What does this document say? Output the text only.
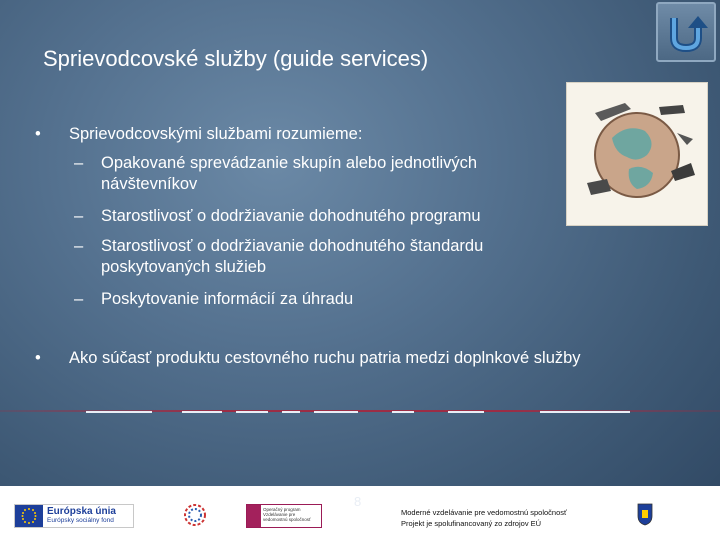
Sprievodcovské služby (guide services)
• Sprievodcovskými službami rozumieme:
– Opakované sprevádzanie skupín alebo jednotlivých návštevníkov
– Starostlivosť o dodržiavanie dohodnutého programu
– Starostlivosť o dodržiavanie dohodnutého štandardu poskytovaných služieb
– Poskytovanie informácií za úhradu
• Ako súčasť produktu cestovného ruchu patria medzi doplnkové služby
8
Európska únia
Európsky sociálny fond
Operačný program Vzdelávanie pre vedomostnú spoločnosť
Moderné vzdelávanie pre vedomostnú spoločnosť
Projekt je spolufinancovaný zo zdrojov EÚ
